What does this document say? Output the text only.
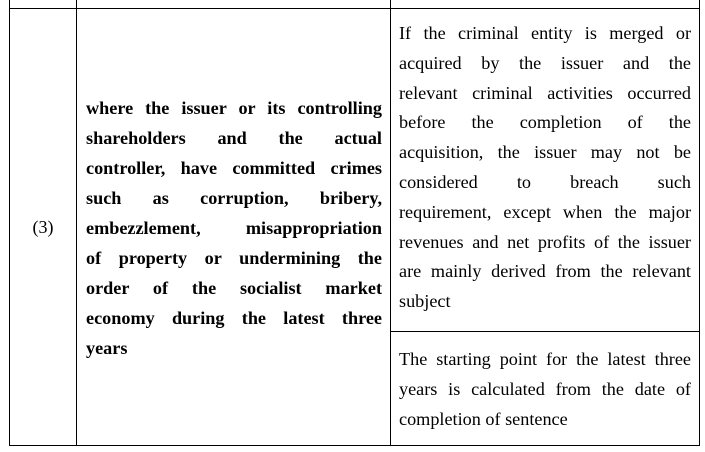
(3)
where the issuer or its controlling
shareholders and the actual
controller, have committed crimes
such as corruption, bribery,
embezzlement, misappropriation
of property or undermining the
order of the socialist market
economy during the latest three
years
If the criminal entity is merged or
acquired by the issuer and the
relevant criminal activities occurred
before the completion of the
acquisition, the issuer may not be
considered to breach such
requirement, except when the major
revenues and net profits of the issuer
are mainly derived from the relevant
subject
The starting point for the latest three
years is calculated from the date of
completion of sentence
